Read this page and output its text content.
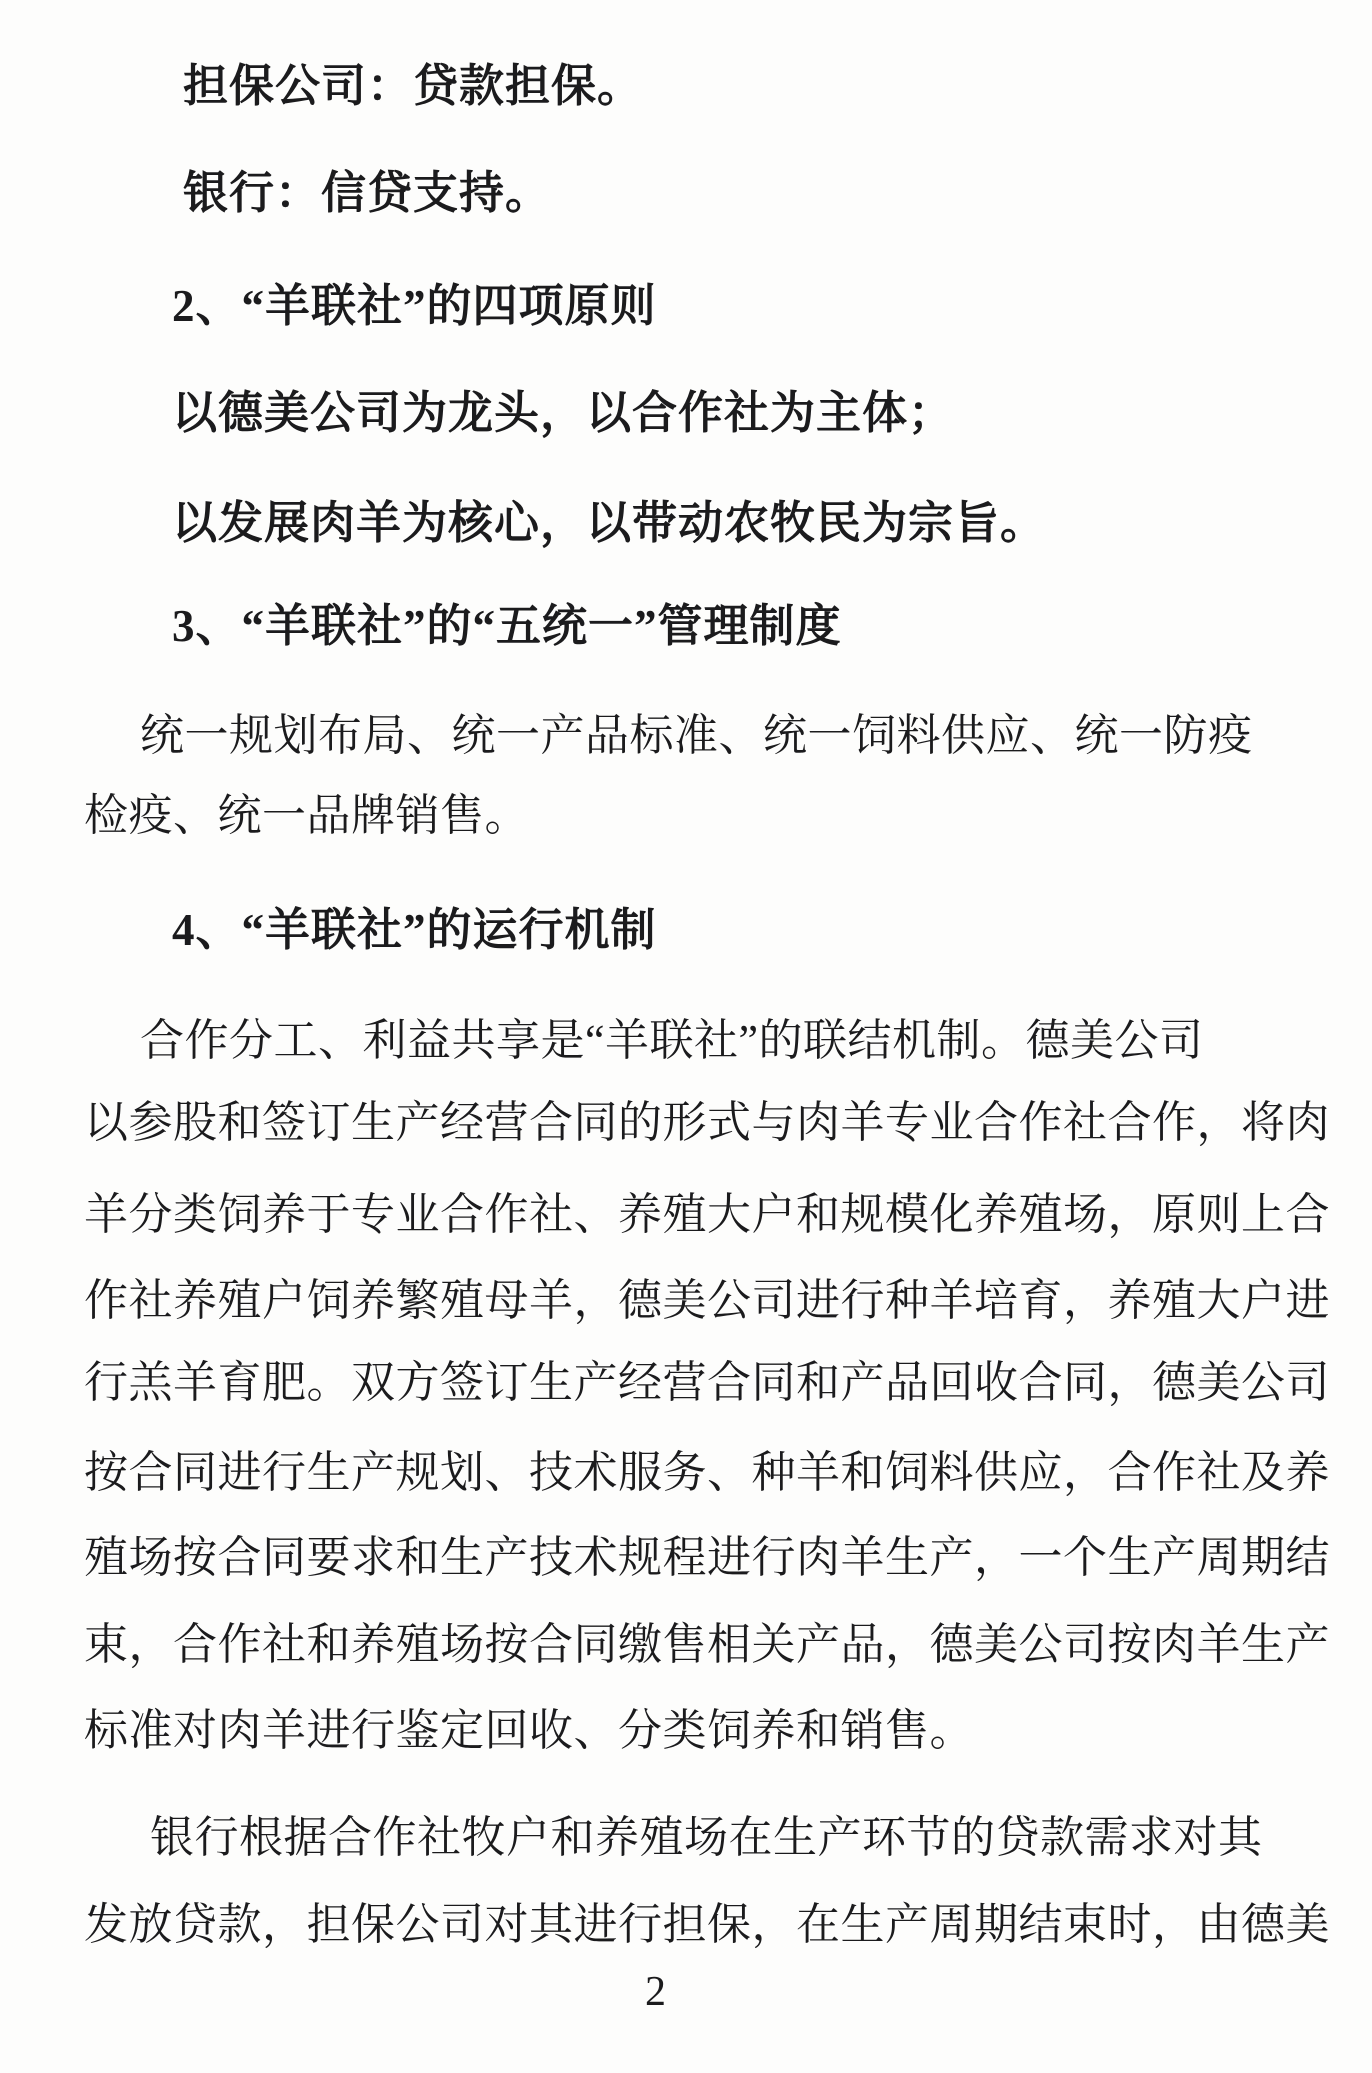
担保公司：贷款担保。
银行：信贷支持。
2、“羊联社”的四项原则
以德美公司为龙头，以合作社为主体；
以发展肉羊为核心，以带动农牧民为宗旨。
3、“羊联社”的“五统一”管理制度
统一规划布局、统一产品标准、统一饲料供应、统一防疫
检疫、统一品牌销售。
4、“羊联社”的运行机制
合作分工、利益共享是“羊联社”的联结机制。德美公司
以参股和签订生产经营合同的形式与肉羊专业合作社合作，将肉
羊分类饲养于专业合作社、养殖大户和规模化养殖场，原则上合
作社养殖户饲养繁殖母羊，德美公司进行种羊培育，养殖大户进
行羔羊育肥。双方签订生产经营合同和产品回收合同，德美公司
按合同进行生产规划、技术服务、种羊和饲料供应，合作社及养
殖场按合同要求和生产技术规程进行肉羊生产，一个生产周期结
束，合作社和养殖场按合同缴售相关产品，德美公司按肉羊生产
标准对肉羊进行鉴定回收、分类饲养和销售。
银行根据合作社牧户和养殖场在生产环节的贷款需求对其
发放贷款，担保公司对其进行担保，在生产周期结束时，由德美
2
